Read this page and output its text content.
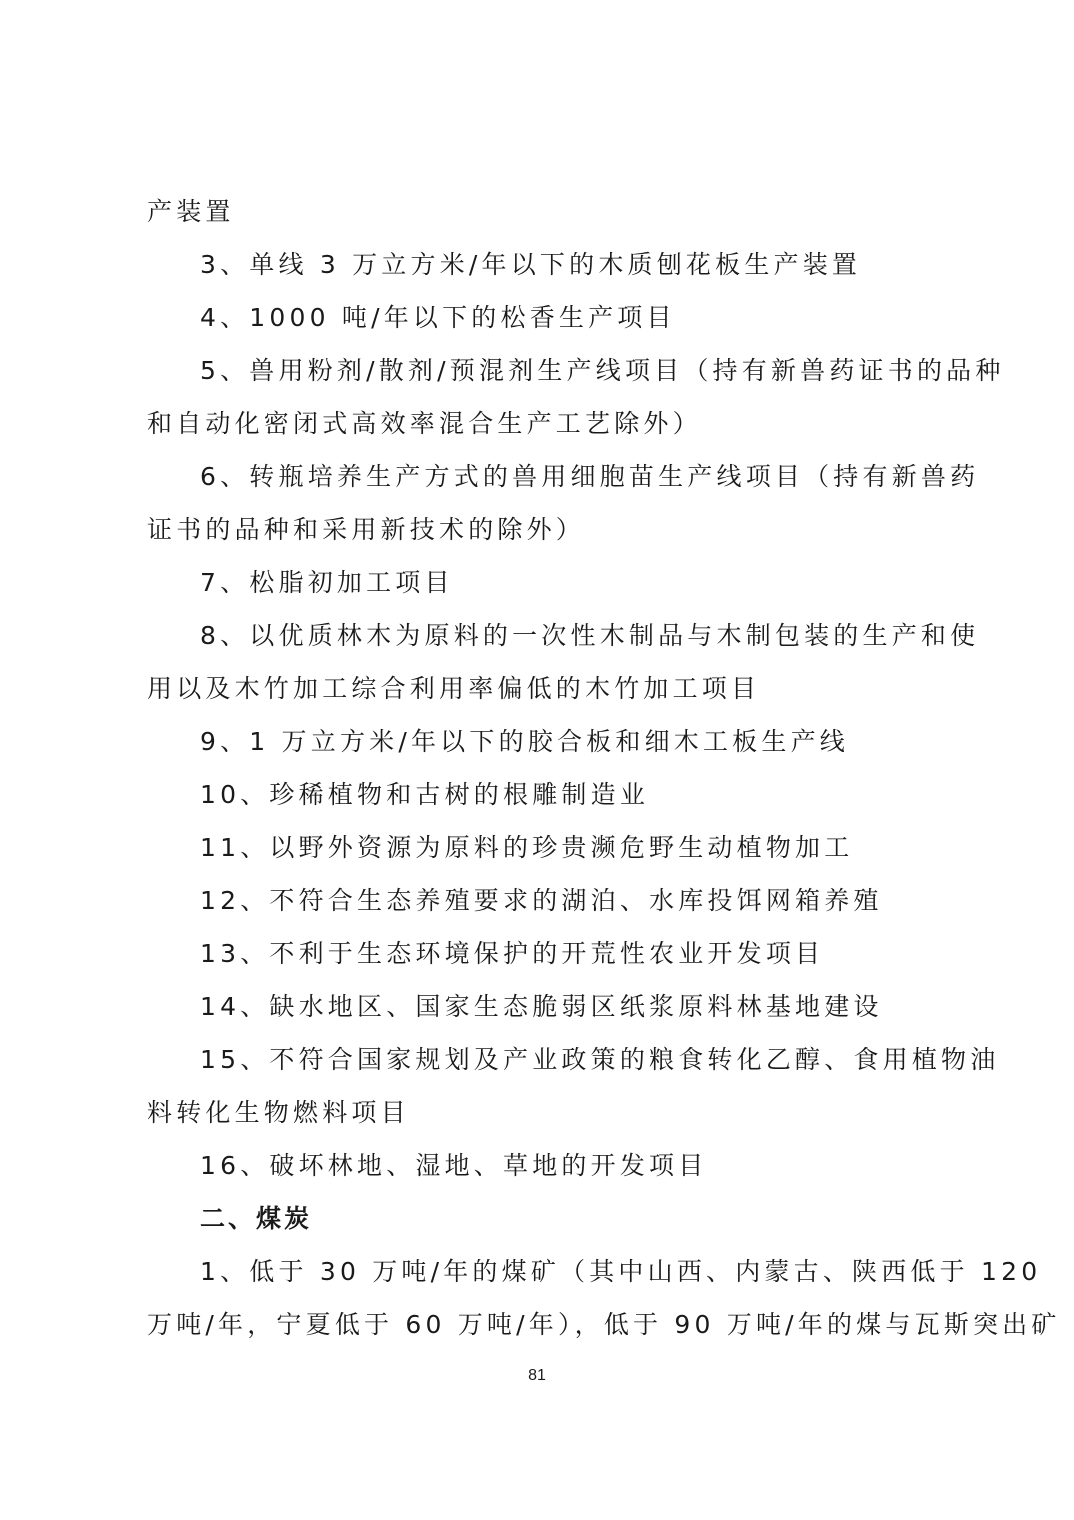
产装置
3、单线 3 万立方米/年以下的木质刨花板生产装置
4、1000 吨/年以下的松香生产项目
5、兽用粉剂/散剂/预混剂生产线项目（持有新兽药证书的品种
和自动化密闭式高效率混合生产工艺除外）
6、转瓶培养生产方式的兽用细胞苗生产线项目（持有新兽药
证书的品种和采用新技术的除外）
7、松脂初加工项目
8、以优质林木为原料的一次性木制品与木制包装的生产和使
用以及木竹加工综合利用率偏低的木竹加工项目
9、1 万立方米/年以下的胶合板和细木工板生产线
10、珍稀植物和古树的根雕制造业
11、以野外资源为原料的珍贵濒危野生动植物加工
12、不符合生态养殖要求的湖泊、水库投饵网箱养殖
13、不利于生态环境保护的开荒性农业开发项目
14、缺水地区、国家生态脆弱区纸浆原料林基地建设
15、不符合国家规划及产业政策的粮食转化乙醇、食用植物油
料转化生物燃料项目
16、破坏林地、湿地、草地的开发项目
二、煤炭
1、低于 30 万吨/年的煤矿（其中山西、内蒙古、陕西低于 120
万吨/年，宁夏低于 60 万吨/年），低于 90 万吨/年的煤与瓦斯突出矿
81
